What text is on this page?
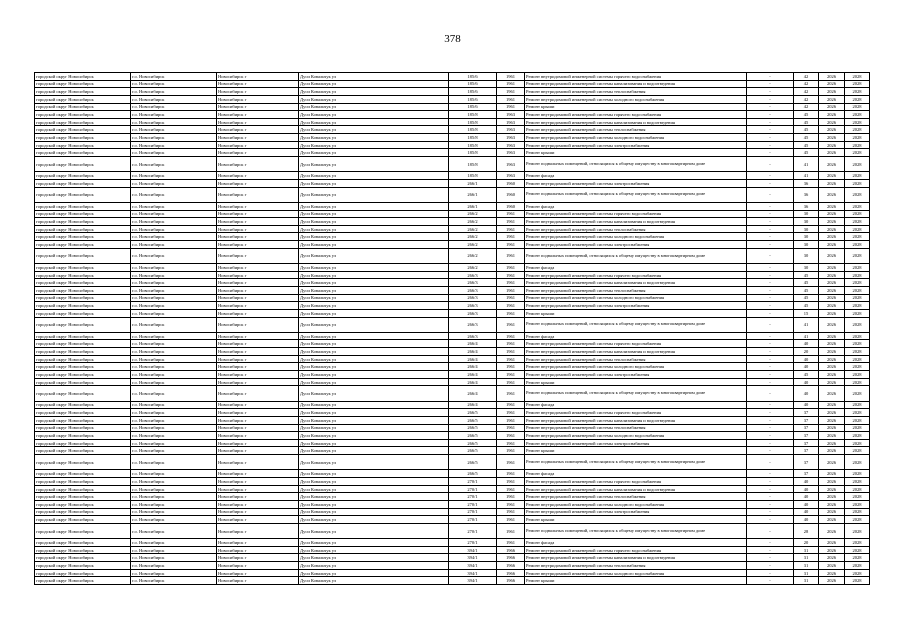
378
городской округ Новосибирск	г.о. Новосибирск	Новосибирск г	Дуси Ковальчук ул	185/6	1961	Ремонт внутридомовой инженерной системы горячего водоснабжения	-	42	2026	2028
городской округ Новосибирск	г.о. Новосибирск	Новосибирск г	Дуси Ковальчук ул	185/6	1961	Ремонт внутридомовой инженерной системы канализования и водоотведения	-	42	2026	2028
городской округ Новосибирск	г.о. Новосибирск	Новосибирск г	Дуси Ковальчук ул	185/6	1961	Ремонт внутридомовой инженерной системы теплоснабжения	-	42	2026	2028
городской округ Новосибирск	г.о. Новосибирск	Новосибирск г	Дуси Ковальчук ул	185/6	1961	Ремонт внутридомовой инженерной системы холодного водоснабжения	-	42	2026	2028
городской округ Новосибирск	г.о. Новосибирск	Новосибирск г	Дуси Ковальчук ул	185/6	1961	Ремонт крыши	-	42	2026	2028
городской округ Новосибирск	г.о. Новосибирск	Новосибирск г	Дуси Ковальчук ул	185/8	1963	Ремонт внутридомовой инженерной системы горячего водоснабжения	-	45	2026	2028
городской округ Новосибирск	г.о. Новосибирск	Новосибирск г	Дуси Ковальчук ул	185/8	1963	Ремонт внутридомовой инженерной системы канализования и водоотведения	-	45	2026	2028
городской округ Новосибирск	г.о. Новосибирск	Новосибирск г	Дуси Ковальчук ул	185/8	1963	Ремонт внутридомовой инженерной системы теплоснабжения	-	45	2026	2028
городской округ Новосибирск	г.о. Новосибирск	Новосибирск г	Дуси Ковальчук ул	185/8	1963	Ремонт внутридомовой инженерной системы холодного водоснабжения	-	45	2026	2028
городской округ Новосибирск	г.о. Новосибирск	Новосибирск г	Дуси Ковальчук ул	185/8	1963	Ремонт внутридомовой инженерной системы электроснабжения	-	45	2026	2028
городской округ Новосибирск	г.о. Новосибирск	Новосибирск г	Дуси Ковальчук ул	185/8	1963	Ремонт крыши	-	45	2026	2028
городской округ Новосибирск	г.о. Новосибирск	Новосибирск г	Дуси Ковальчук ул	185/8	1963	Ремонт подвальных помещений, относящихся к общему имуществу в многоквартирном доме	-	41	2026	2028
городской округ Новосибирск	г.о. Новосибирск	Новосибирск г	Дуси Ковальчук ул	185/8	1963	Ремонт фасада	-	41	2026	2028
городской округ Новосибирск	г.о. Новосибирск	Новосибирск г	Дуси Ковальчук ул	266/1	1960	Ремонт внутридомовой инженерной системы электроснабжения	-	36	2026	2028
городской округ Новосибирск	г.о. Новосибирск	Новосибирск г	Дуси Ковальчук ул	266/1	1960	Ремонт подвальных помещений, относящихся к общему имуществу в многоквартирном доме	-	36	2026	2028
городской округ Новосибирск	г.о. Новосибирск	Новосибирск г	Дуси Ковальчук ул	266/1	1960	Ремонт фасада	-	36	2026	2028
городской округ Новосибирск	г.о. Новосибирск	Новосибирск г	Дуси Ковальчук ул	266/2	1961	Ремонт внутридомовой инженерной системы горячего водоснабжения	-	30	2026	2028
городской округ Новосибирск	г.о. Новосибирск	Новосибирск г	Дуси Ковальчук ул	266/2	1961	Ремонт внутридомовой инженерной системы канализования и водоотведения	-	30	2026	2028
городской округ Новосибирск	г.о. Новосибирск	Новосибирск г	Дуси Ковальчук ул	266/2	1961	Ремонт внутридомовой инженерной системы теплоснабжения	-	30	2026	2028
городской округ Новосибирск	г.о. Новосибирск	Новосибирск г	Дуси Ковальчук ул	266/2	1961	Ремонт внутридомовой инженерной системы холодного водоснабжения	-	30	2026	2028
городской округ Новосибирск	г.о. Новосибирск	Новосибирск г	Дуси Ковальчук ул	266/2	1961	Ремонт внутридомовой инженерной системы электроснабжения	-	30	2026	2028
городской округ Новосибирск	г.о. Новосибирск	Новосибирск г	Дуси Ковальчук ул	266/2	1961	Ремонт подвальных помещений, относящихся к общему имуществу в многоквартирном доме	-	30	2026	2028
городской округ Новосибирск	г.о. Новосибирск	Новосибирск г	Дуси Ковальчук ул	266/2	1961	Ремонт фасада	-	30	2026	2028
городской округ Новосибирск	г.о. Новосибирск	Новосибирск г	Дуси Ковальчук ул	266/3	1961	Ремонт внутридомовой инженерной системы горячего водоснабжения	-	45	2026	2028
городской округ Новосибирск	г.о. Новосибирск	Новосибирск г	Дуси Ковальчук ул	266/3	1961	Ремонт внутридомовой инженерной системы канализования и водоотведения	-	45	2026	2028
городской округ Новосибирск	г.о. Новосибирск	Новосибирск г	Дуси Ковальчук ул	266/3	1961	Ремонт внутридомовой инженерной системы теплоснабжения	-	45	2026	2028
городской округ Новосибирск	г.о. Новосибирск	Новосибирск г	Дуси Ковальчук ул	266/3	1961	Ремонт внутридомовой инженерной системы холодного водоснабжения	-	45	2026	2028
городской округ Новосибирск	г.о. Новосибирск	Новосибирск г	Дуси Ковальчук ул	266/3	1961	Ремонт внутридомовой инженерной системы электроснабжения	-	45	2026	2028
городской округ Новосибирск	г.о. Новосибирск	Новосибирск г	Дуси Ковальчук ул	266/3	1961	Ремонт крыши	-	15	2026	2028
городской округ Новосибирск	г.о. Новосибирск	Новосибирск г	Дуси Ковальчук ул	266/3	1961	Ремонт подвальных помещений, относящихся к общему имуществу в многоквартирном доме	-	41	2026	2028
городской округ Новосибирск	г.о. Новосибирск	Новосибирск г	Дуси Ковальчук ул	266/3	1961	Ремонт фасада	-	41	2026	2028
городской округ Новосибирск	г.о. Новосибирск	Новосибирск г	Дуси Ковальчук ул	266/4	1961	Ремонт внутридомовой инженерной системы горячего водоснабжения	-	40	2026	2028
городской округ Новосибирск	г.о. Новосибирск	Новосибирск г	Дуси Ковальчук ул	266/4	1961	Ремонт внутридомовой инженерной системы канализования и водоотведения	-	20	2026	2028
городской округ Новосибирск	г.о. Новосибирск	Новосибирск г	Дуси Ковальчук ул	266/4	1961	Ремонт внутридомовой инженерной системы теплоснабжения	-	40	2026	2028
городской округ Новосибирск	г.о. Новосибирск	Новосибирск г	Дуси Ковальчук ул	266/4	1961	Ремонт внутридомовой инженерной системы холодного водоснабжения	-	40	2026	2028
городской округ Новосибирск	г.о. Новосибирск	Новосибирск г	Дуси Ковальчук ул	266/4	1961	Ремонт внутридомовой инженерной системы электроснабжения	-	45	2026	2028
городской округ Новосибирск	г.о. Новосибирск	Новосибирск г	Дуси Ковальчук ул	266/4	1961	Ремонт крыши	-	40	2026	2028
городской округ Новосибирск	г.о. Новосибирск	Новосибирск г	Дуси Ковальчук ул	266/4	1961	Ремонт подвальных помещений, относящихся к общему имуществу в многоквартирном доме	-	40	2026	2028
городской округ Новосибирск	г.о. Новосибирск	Новосибирск г	Дуси Ковальчук ул	266/4	1961	Ремонт фасада	-	40	2026	2028
городской округ Новосибирск	г.о. Новосибирск	Новосибирск г	Дуси Ковальчук ул	266/5	1961	Ремонт внутридомовой инженерной системы горячего водоснабжения	-	37	2026	2028
городской округ Новосибирск	г.о. Новосибирск	Новосибирск г	Дуси Ковальчук ул	266/5	1961	Ремонт внутридомовой инженерной системы канализования и водоотведения	-	37	2026	2028
городской округ Новосибирск	г.о. Новосибирск	Новосибирск г	Дуси Ковальчук ул	266/5	1961	Ремонт внутридомовой инженерной системы теплоснабжения	-	37	2026	2028
городской округ Новосибирск	г.о. Новосибирск	Новосибирск г	Дуси Ковальчук ул	266/5	1961	Ремонт внутридомовой инженерной системы холодного водоснабжения	-	37	2026	2028
городской округ Новосибирск	г.о. Новосибирск	Новосибирск г	Дуси Ковальчук ул	266/5	1961	Ремонт внутридомовой инженерной системы электроснабжения	-	37	2026	2028
городской округ Новосибирск	г.о. Новосибирск	Новосибирск г	Дуси Ковальчук ул	266/5	1961	Ремонт крыши	-	37	2026	2028
городской округ Новосибирск	г.о. Новосибирск	Новосибирск г	Дуси Ковальчук ул	266/5	1961	Ремонт подвальных помещений, относящихся к общему имуществу в многоквартирном доме	-	37	2026	2028
городской округ Новосибирск	г.о. Новосибирск	Новосибирск г	Дуси Ковальчук ул	266/5	1961	Ремонт фасада	-	37	2026	2028
городской округ Новосибирск	г.о. Новосибирск	Новосибирск г	Дуси Ковальчук ул	270/1	1961	Ремонт внутридомовой инженерной системы горячего водоснабжения	-	40	2026	2028
городской округ Новосибирск	г.о. Новосибирск	Новосибирск г	Дуси Ковальчук ул	270/1	1961	Ремонт внутридомовой инженерной системы канализования и водоотведения	-	40	2026	2028
городской округ Новосибирск	г.о. Новосибирск	Новосибирск г	Дуси Ковальчук ул	270/1	1961	Ремонт внутридомовой инженерной системы теплоснабжения	-	40	2026	2028
городской округ Новосибирск	г.о. Новосибирск	Новосибирск г	Дуси Ковальчук ул	270/1	1961	Ремонт внутридомовой инженерной системы холодного водоснабжения	-	40	2026	2028
городской округ Новосибирск	г.о. Новосибирск	Новосибирск г	Дуси Ковальчук ул	270/1	1961	Ремонт внутридомовой инженерной системы электроснабжения	-	40	2026	2028
городской округ Новосибирск	г.о. Новосибирск	Новосибирск г	Дуси Ковальчук ул	270/1	1961	Ремонт крыши	-	40	2026	2028
городской округ Новосибирск	г.о. Новосибирск	Новосибирск г	Дуси Ковальчук ул	270/1	1961	Ремонт подвальных помещений, относящихся к общему имуществу в многоквартирном доме	-	28	2026	2028
городской округ Новосибирск	г.о. Новосибирск	Новосибирск г	Дуси Ковальчук ул	270/1	1961	Ремонт фасада	-	20	2026	2028
городской округ Новосибирск	г.о. Новосибирск	Новосибирск г	Дуси Ковальчук ул	394/1	1966	Ремонт внутридомовой инженерной системы горячего водоснабжения	-	31	2026	2028
городской округ Новосибирск	г.о. Новосибирск	Новосибирск г	Дуси Ковальчук ул	394/1	1966	Ремонт внутридомовой инженерной системы канализования и водоотведения	-	31	2026	2028
городской округ Новосибирск	г.о. Новосибирск	Новосибирск г	Дуси Ковальчук ул	394/1	1966	Ремонт внутридомовой инженерной системы теплоснабжения	-	31	2026	2028
городской округ Новосибирск	г.о. Новосибирск	Новосибирск г	Дуси Ковальчук ул	394/1	1966	Ремонт внутридомовой инженерной системы холодного водоснабжения	-	31	2026	2028
городской округ Новосибирск	г.о. Новосибирск	Новосибирск г	Дуси Ковальчук ул	394/1	1966	Ремонт крыши	-	31	2026	2028
